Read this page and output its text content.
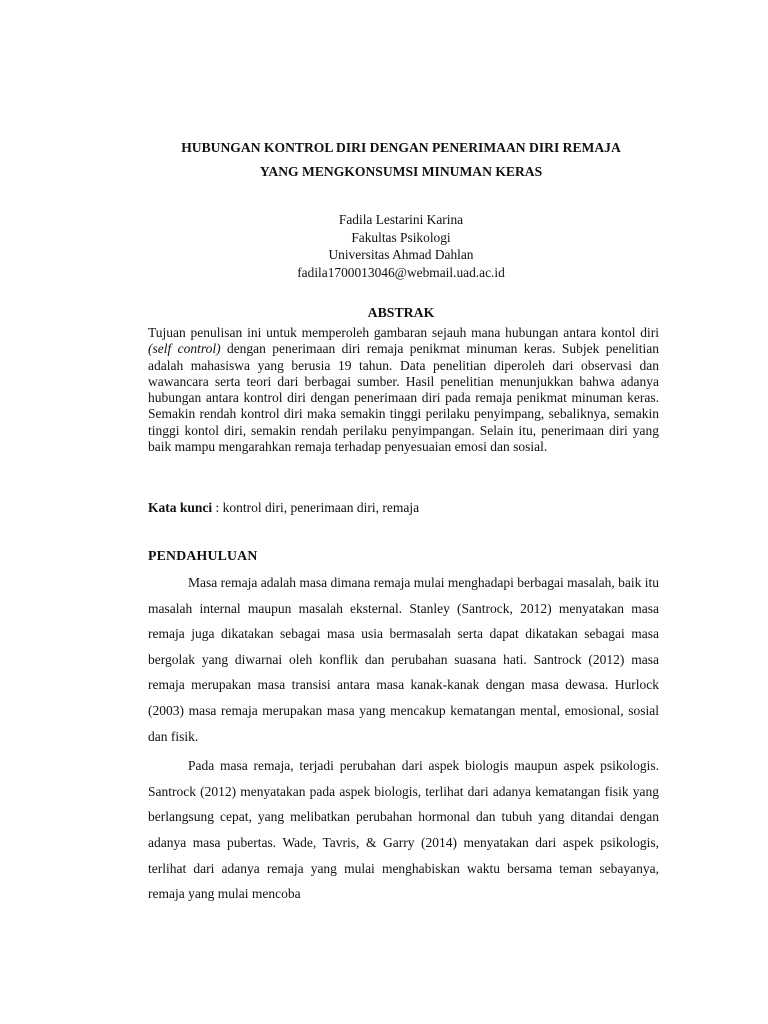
HUBUNGAN KONTROL DIRI DENGAN PENERIMAAN DIRI REMAJA
YANG MENGKONSUMSI MINUMAN KERAS
Fadila Lestarini Karina
Fakultas Psikologi
Universitas Ahmad Dahlan
fadila1700013046@webmail.uad.ac.id
ABSTRAK

Tujuan penulisan ini untuk memperoleh gambaran sejauh mana hubungan antara kontol diri (self control) dengan penerimaan diri remaja penikmat minuman keras. Subjek penelitian adalah mahasiswa yang berusia 19 tahun. Data penelitian diperoleh dari observasi dan wawancara serta teori dari berbagai sumber. Hasil penelitian menunjukkan bahwa adanya hubungan antara kontrol diri dengan penerimaan diri pada remaja penikmat minuman keras. Semakin rendah kontrol diri maka semakin tinggi perilaku penyimpang, sebaliknya, semakin tinggi kontol diri, semakin rendah perilaku penyimpangan. Selain itu, penerimaan diri yang baik mampu mengarahkan remaja terhadap penyesuaian emosi dan sosial.

Kata kunci : kontrol diri, penerimaan diri, remaja

PENDAHULUAN

Masa remaja adalah masa dimana remaja mulai menghadapi berbagai masalah, baik itu masalah internal maupun masalah eksternal. Stanley (Santrock, 2012) menyatakan masa remaja juga dikatakan sebagai masa usia bermasalah serta dapat dikatakan sebagai masa bergolak yang diwarnai oleh konflik dan perubahan suasana hati. Santrock (2012) masa remaja merupakan masa transisi antara masa kanak-kanak dengan masa dewasa. Hurlock (2003) masa remaja merupakan masa yang mencakup kematangan mental, emosional, sosial dan fisik.

Pada masa remaja, terjadi perubahan dari aspek biologis maupun aspek psikologis. Santrock (2012) menyatakan pada aspek biologis, terlihat dari adanya kematangan fisik yang berlangsung cepat, yang melibatkan perubahan hormonal dan tubuh yang ditandai dengan adanya masa pubertas. Wade, Tavris, & Garry (2014) menyatakan dari aspek psikologis, terlihat dari adanya remaja yang mulai menghabiskan waktu bersama teman sebayanya, remaja yang mulai mencoba
